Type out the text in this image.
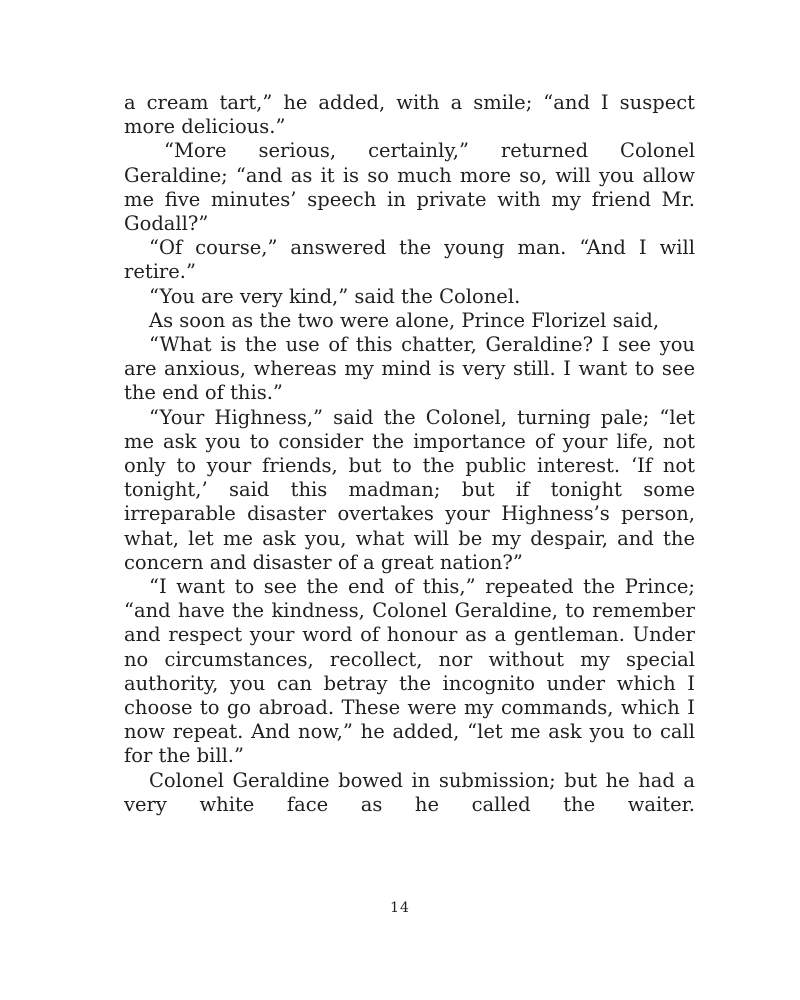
a cream tart,” he added, with a smile; “and I suspect more delicious.”

“More serious, certainly,” returned Colonel Geraldine; “and as it is so much more so, will you allow me five minutes’ speech in private with my friend Mr. Godall?”

“Of course,” answered the young man. “And I will retire.”

“You are very kind,” said the Colonel.

As soon as the two were alone, Prince Florizel said,

“What is the use of this chatter, Geraldine? I see you are anxious, whereas my mind is very still. I want to see the end of this.”

“Your Highness,” said the Colonel, turning pale; “let me ask you to consider the importance of your life, not only to your friends, but to the public interest. ‘If not tonight,’ said this madman; but if tonight some irreparable disaster overtakes your Highness’s person, what, let me ask you, what will be my despair, and the concern and disaster of a great nation?”

“I want to see the end of this,” repeated the Prince; “and have the kindness, Colonel Geraldine, to remember and respect your word of honour as a gentleman. Under no circumstances, recollect, nor without my special authority, you can betray the incognito under which I choose to go abroad. These were my commands, which I now repeat. And now,” he added, “let me ask you to call for the bill.”

Colonel Geraldine bowed in submission; but he had a very white face as he called the waiter.

14
